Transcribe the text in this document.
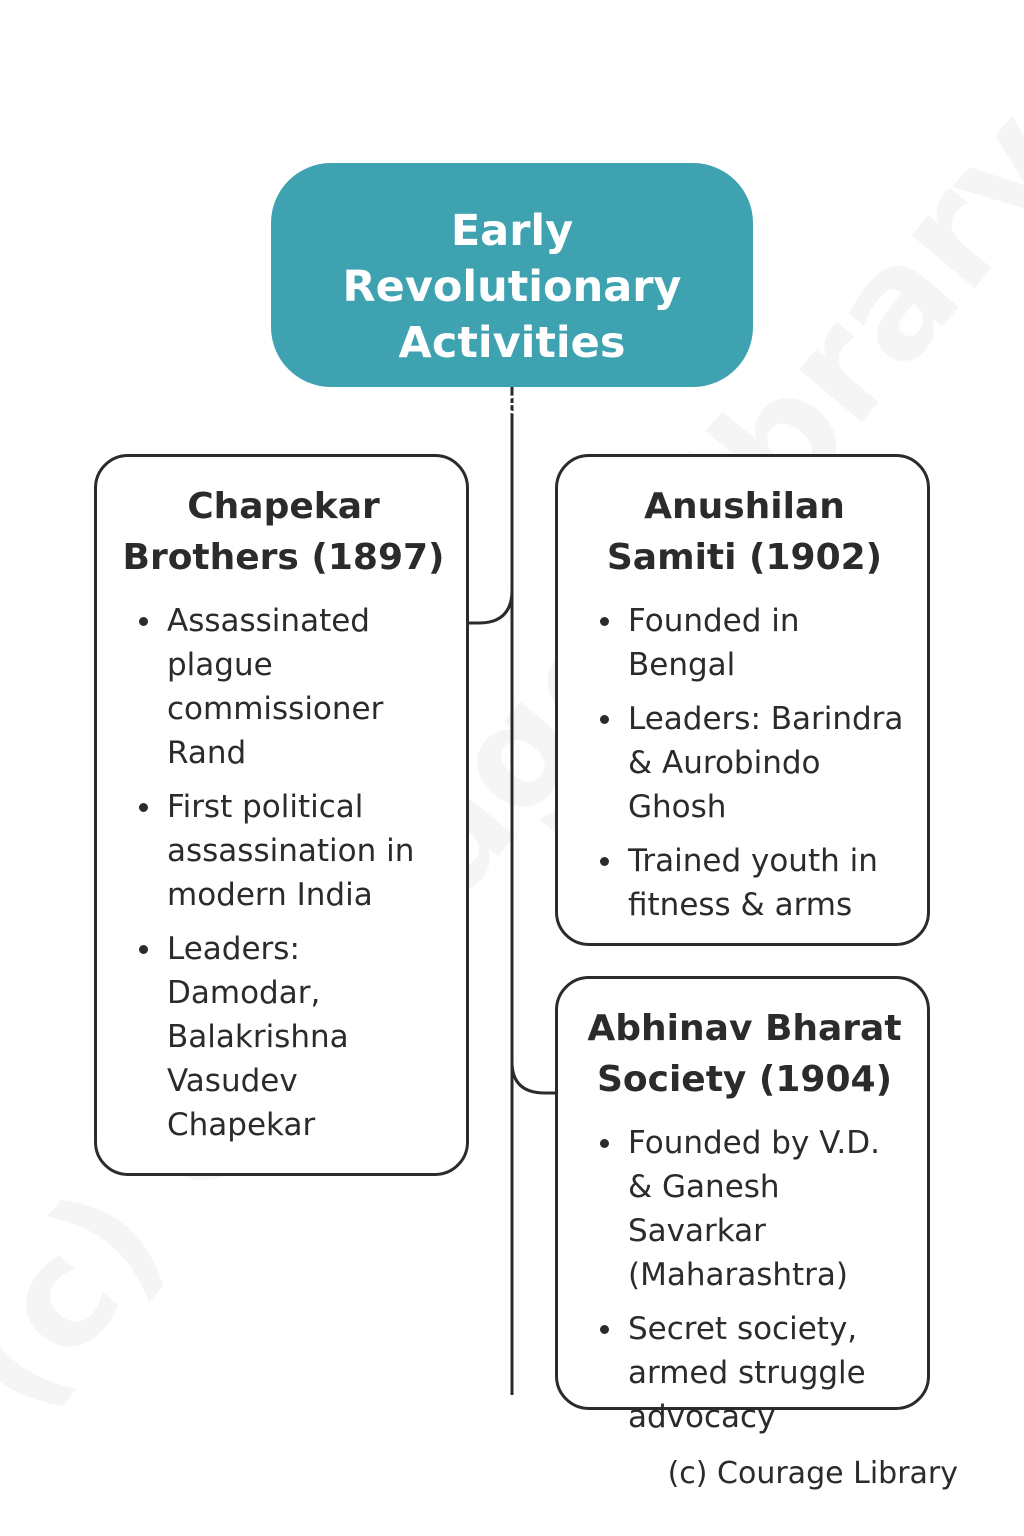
Early Revolutionary Activities
(Before WWI)
Chapekar Brothers (1897)
Assassinated plague commissioner Rand
First political assassination in modern India
Leaders: Damodar, Balakrishna Vasudev Chapekar
Anushilan Samiti (1902)
Founded in Bengal
Leaders: Barindra & Aurobindo Ghosh
Trained youth in fitness & arms
Abhinav Bharat Society (1904)
Founded by V.D. & Ganesh Savarkar (Maharashtra)
Secret society, armed struggle advocacy
(c) Courage Library
